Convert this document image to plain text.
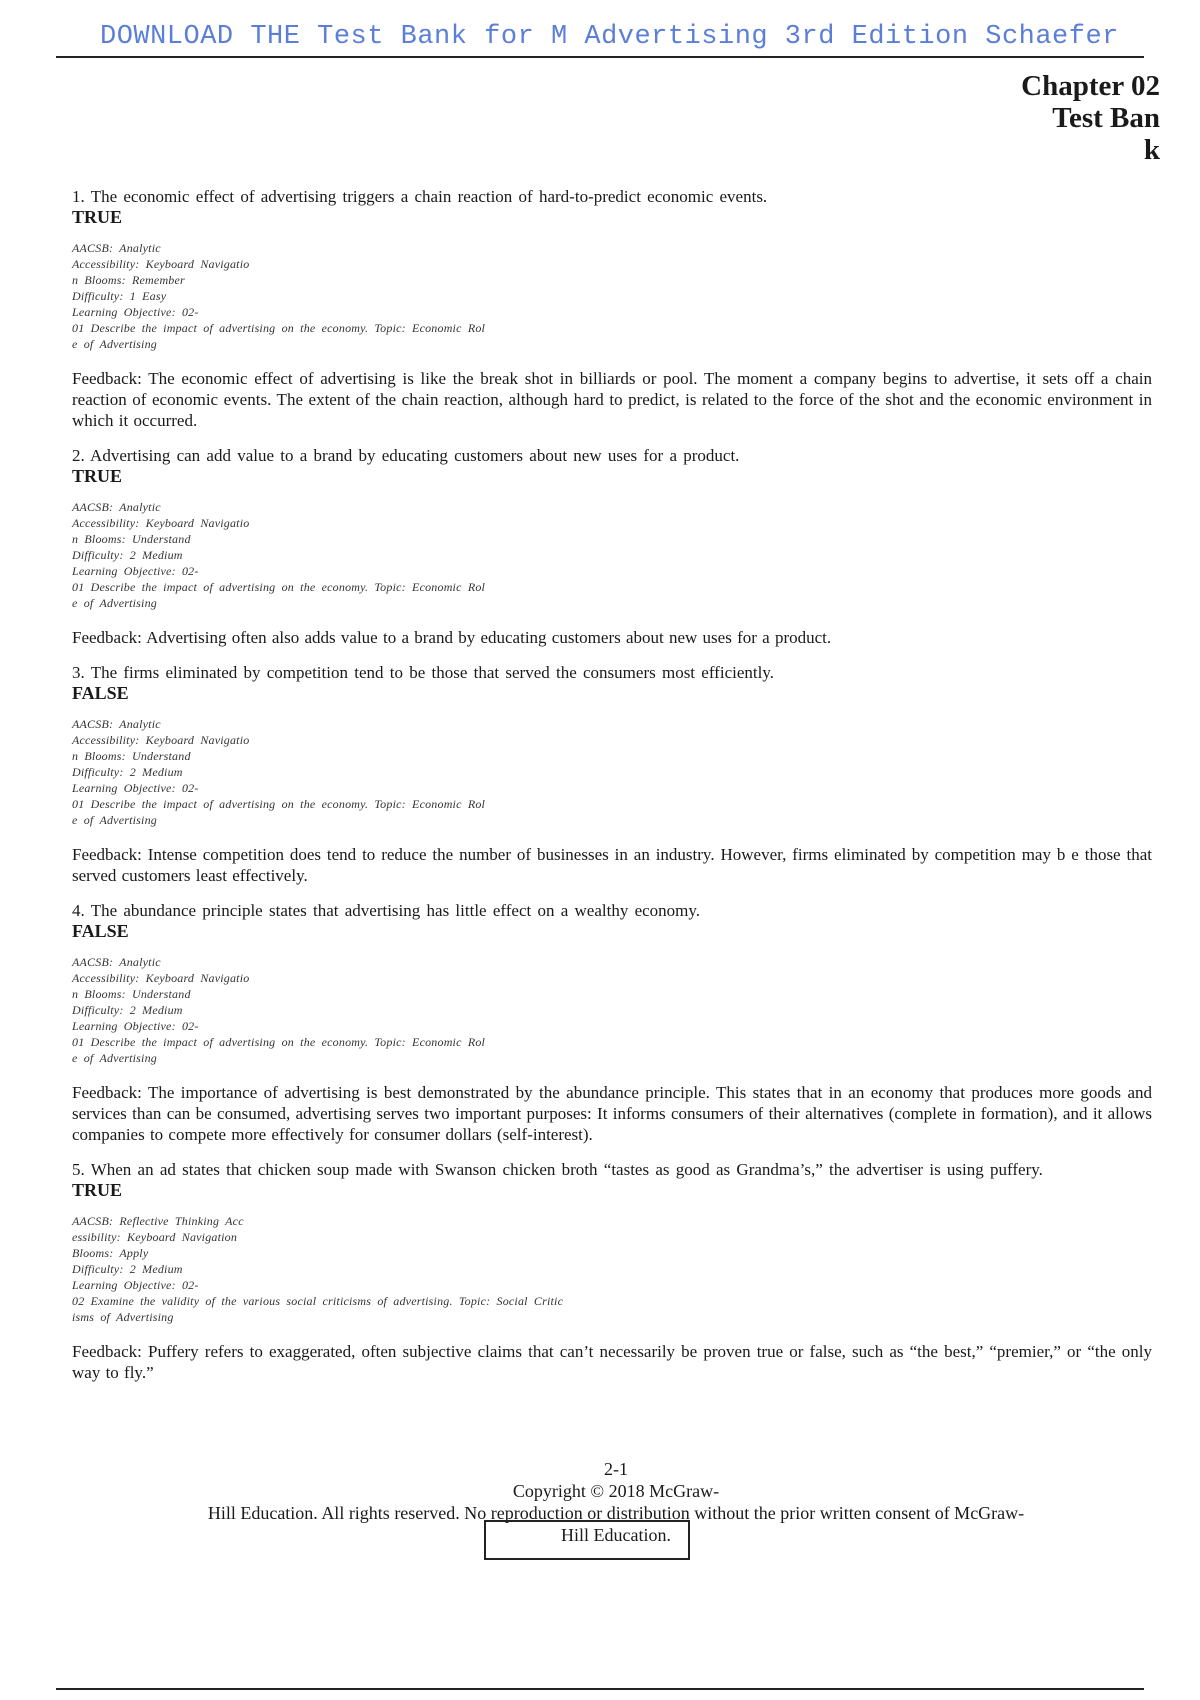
DOWNLOAD THE Test Bank for M Advertising 3rd Edition Schaefer
Chapter 02
Test Ban
k
1. The economic effect of advertising triggers a chain reaction of hard-to-predict economic events.
TRUE
AACSB: Analytic
Accessibility: Keyboard Navigatio
n Blooms: Remember
Difficulty: 1 Easy
Learning Objective: 02-
01 Describe the impact of advertising on the economy. Topic: Economic Rol
e of Advertising
Feedback: The economic effect of advertising is like the break shot in billiards or pool. The moment a company begins to advertise, it sets off a chain reaction of economic events. The extent of the chain reaction, although hard to predict, is related to the force of the shot and the economic environment in which it occurred.
2. Advertising can add value to a brand by educating customers about new uses for a product.
TRUE
AACSB: Analytic
Accessibility: Keyboard Navigatio
n Blooms: Understand
Difficulty: 2 Medium
Learning Objective: 02-
01 Describe the impact of advertising on the economy. Topic: Economic Rol
e of Advertising
Feedback: Advertising often also adds value to a brand by educating customers about new uses for a product.
3. The firms eliminated by competition tend to be those that served the consumers most efficiently.
FALSE
AACSB: Analytic
Accessibility: Keyboard Navigatio
n Blooms: Understand
Difficulty: 2 Medium
Learning Objective: 02-
01 Describe the impact of advertising on the economy. Topic: Economic Rol
e of Advertising
Feedback: Intense competition does tend to reduce the number of businesses in an industry. However, firms eliminated by competition may b e those that served customers least effectively.
4. The abundance principle states that advertising has little effect on a wealthy economy.
FALSE
AACSB: Analytic
Accessibility: Keyboard Navigatio
n Blooms: Understand
Difficulty: 2 Medium
Learning Objective: 02-
01 Describe the impact of advertising on the economy. Topic: Economic Rol
e of Advertising
Feedback: The importance of advertising is best demonstrated by the abundance principle. This states that in an economy that produces more goods and services than can be consumed, advertising serves two important purposes: It informs consumers of their alternatives (complete in formation), and it allows companies to compete more effectively for consumer dollars (self-interest).
5. When an ad states that chicken soup made with Swanson chicken broth “tastes as good as Grandma’s,” the advertiser is using puffery.
TRUE
AACSB: Reflective Thinking Acc
essibility: Keyboard Navigation
Blooms: Apply
Difficulty: 2 Medium
Learning Objective: 02-
02 Examine the validity of the various social criticisms of advertising. Topic: Social Critic
isms of Advertising
Feedback: Puffery refers to exaggerated, often subjective claims that can’t necessarily be proven true or false, such as “the best,” “premier,” or “the only way to fly.”
2-1
Copyright © 2018 McGraw-
Hill Education. All rights reserved. No reproduction or distribution without the prior written consent of McGraw-
Hill Education.
